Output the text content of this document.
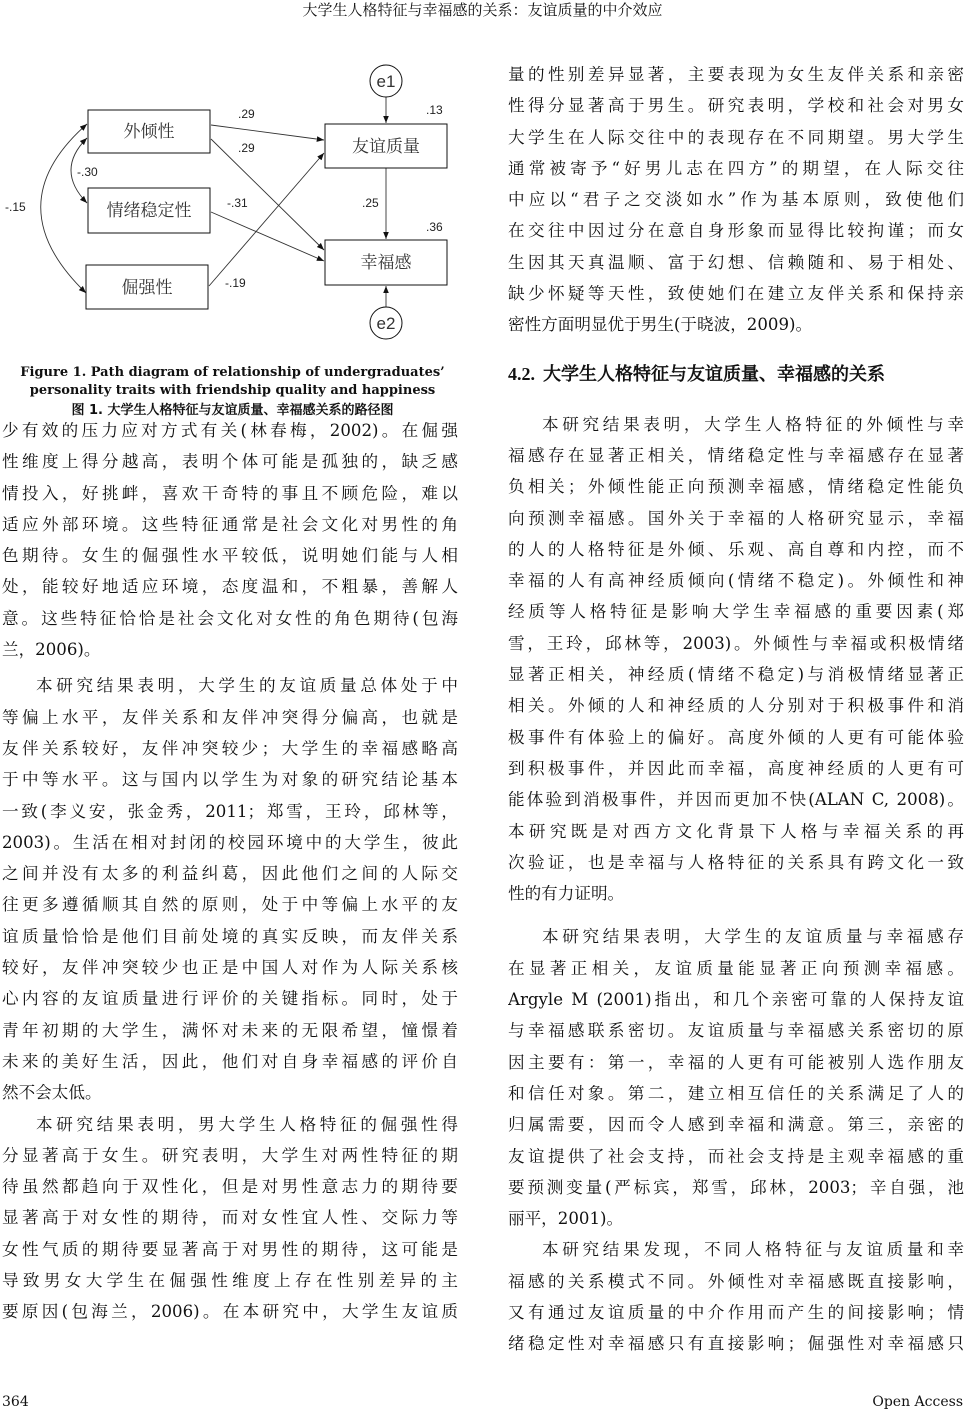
大学生人格特征与幸福感的关系：友谊质量的中介效应
外倾性
情绪稳定性
倔强性
友谊质量
幸福感
e1
e2
.29
.29
-.30
-.15	-.31	.25
.13
.36
-.19
Figure 1. Path diagram of relationship of undergraduates’
personality traits with friendship quality and happiness
图 1. 大学生人格特征与友谊质量、幸福感关系的路径图
少有效的压力应对方式有关(林春梅，2002)。在倔强
性维度上得分越高，表明个体可能是孤独的，缺乏感
情投入，好挑衅，喜欢干奇特的事且不顾危险，难以
适应外部环境。这些特征通常是社会文化对男性的角
色期待。女生的倔强性水平较低，说明她们能与人相
处，能较好地适应环境，态度温和，不粗暴，善解人
意。这些特征恰恰是社会文化对女性的角色期待(包海
兰，2006)。
本研究结果表明，大学生的友谊质量总体处于中
等偏上水平，友伴关系和友伴冲突得分偏高，也就是
友伴关系较好，友伴冲突较少；大学生的幸福感略高
于中等水平。这与国内以学生为对象的研究结论基本
一致(李义安，张金秀，2011；郑雪，王玲，邱林等，
2003)。生活在相对封闭的校园环境中的大学生，彼此
之间并没有太多的利益纠葛，因此他们之间的人际交
往更多遵循顺其自然的原则，处于中等偏上水平的友
谊质量恰恰是他们目前处境的真实反映，而友伴关系
较好，友伴冲突较少也正是中国人对作为人际关系核
心内容的友谊质量进行评价的关键指标。同时，处于
青年初期的大学生，满怀对未来的无限希望，憧憬着
未来的美好生活，因此，他们对自身幸福感的评价自
然不会太低。
本研究结果表明，男大学生人格特征的倔强性得
分显著高于女生。研究表明，大学生对两性特征的期
待虽然都趋向于双性化，但是对男性意志力的期待要
显著高于对女性的期待，而对女性宜人性、交际力等
女性气质的期待要显著高于对男性的期待，这可能是
导致男女大学生在倔强性维度上存在性别差异的主
要原因(包海兰，2006)。在本研究中，大学生友谊质
量的性别差异显著，主要表现为女生友伴关系和亲密
性得分显著高于男生。研究表明，学校和社会对男女
大学生在人际交往中的表现存在不同期望。男大学生
通常被寄予“好男儿志在四方”的期望，在人际交往
中应以“君子之交淡如水”作为基本原则，致使他们
在交往中因过分在意自身形象而显得比较拘谨；而女
生因其天真温顺、富于幻想、信赖随和、易于相处、
缺少怀疑等天性，致使她们在建立友伴关系和保持亲
密性方面明显优于男生(于晓波，2009)。
4.2. 大学生人格特征与友谊质量、幸福感的关系
本研究结果表明，大学生人格特征的外倾性与幸
福感存在显著正相关，情绪稳定性与幸福感存在显著
负相关；外倾性能正向预测幸福感，情绪稳定性能负
向预测幸福感。国外关于幸福的人格研究显示，幸福
的人的人格特征是外倾、乐观、高自尊和内控，而不
幸福的人有高神经质倾向(情绪不稳定)。外倾性和神
经质等人格特征是影响大学生幸福感的重要因素(郑
雪，王玲，邱林等，2003)。外倾性与幸福或积极情绪
显著正相关，神经质(情绪不稳定)与消极情绪显著正
相关。外倾的人和神经质的人分别对于积极事件和消
极事件有体验上的偏好。高度外倾的人更有可能体验
到积极事件，并因此而幸福，高度神经质的人更有可
能体验到消极事件，并因而更加不快(ALAN C, 2008)。
本研究既是对西方文化背景下人格与幸福关系的再
次验证，也是幸福与人格特征的关系具有跨文化一致
性的有力证明。
本研究结果表明，大学生的友谊质量与幸福感存
在显著正相关，友谊质量能显著正向预测幸福感。
Argyle M (2001)指出，和几个亲密可靠的人保持友谊
与幸福感联系密切。友谊质量与幸福感关系密切的原
因主要有：第一，幸福的人更有可能被别人选作朋友
和信任对象。第二，建立相互信任的关系满足了人的
归属需要，因而令人感到幸福和满意。第三，亲密的
友谊提供了社会支持，而社会支持是主观幸福感的重
要预测变量(严标宾，郑雪，邱林，2003；辛自强，池
丽平，2001)。
本研究结果发现，不同人格特征与友谊质量和幸
福感的关系模式不同。外倾性对幸福感既直接影响，
又有通过友谊质量的中介作用而产生的间接影响；情
绪稳定性对幸福感只有直接影响；倔强性对幸福感只
364	Open Access
